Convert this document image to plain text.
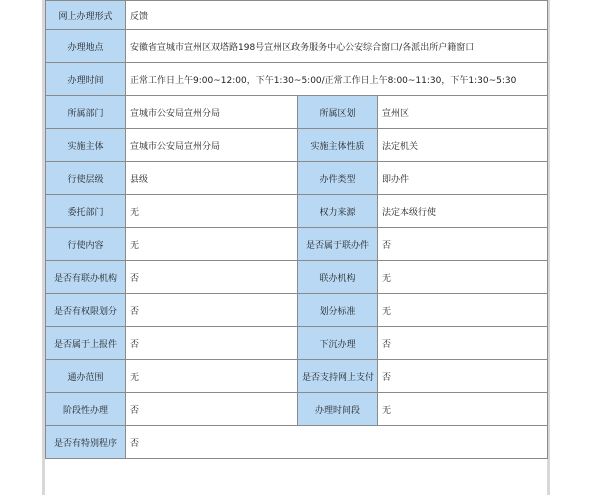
网上办理形式	反馈		
办理地点	安徽省宣城市宣州区双塔路198号宣州区政务服务中心公安综合窗口/各派出所户籍窗口		
办理时间	正常工作日上午9:00~12:00，下午1:30~5:00/正常工作日上午8:00~11:30，下午1:30~5:30		
所属部门	宣城市公安局宣州分局	所属区划	宣州区
实施主体	宣城市公安局宣州分局	实施主体性质	法定机关
行使层级	县级	办件类型	即办件
委托部门	无	权力来源	法定本级行使
行使内容	无	是否属于联办件	否
是否有联办机构	否	联办机构	无
是否有权限划分	否	划分标准	无
是否属于上报件	否	下沉办理	否
通办范围	无	是否支持网上支付	否
阶段性办理	否	办理时间段	无
是否有特别程序	否		
